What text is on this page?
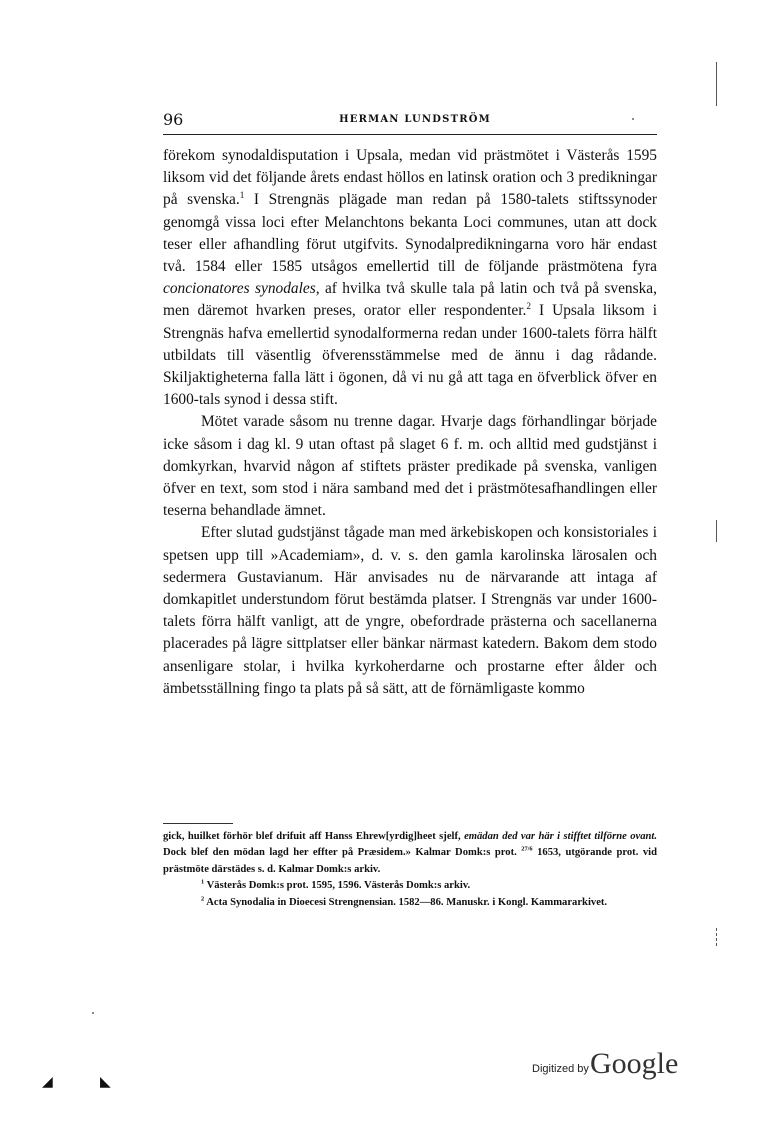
96	HERMAN LUNDSTRÖM

förekom synodaldisputation i Upsala, medan vid prästmötet i Västerås 1595 liksom vid det följande årets endast höllos en latinsk oration och 3 predikningar på svenska.$^1$ I Strengnäs plägade man redan på 1580-talets stiftssynoder genomgå vissa loci efter Melanchtons bekanta Loci communes, utan att dock teser eller afhandling förut utgifvits. Synodalpredikningarna voro här endast två. 1584 eller 1585 utsågos emellertid till de följande prästmötena fyra concionatores synodales, af hvilka två skulle tala på latin och två på svenska, men däremot hvarken preses, orator eller respondenter.$^2$ I Upsala liksom i Strengnäs hafva emellertid synodalformerna redan under 1600-talets förra hälft utbildats till väsentlig öfverensstämmelse med de ännu i dag rådande. Skiljaktigheterna falla lätt i ögonen, då vi nu gå att taga en öfverblick öfver en 1600-tals synod i dessa stift.

Mötet varade såsom nu trenne dagar. Hvarje dags förhandlingar började icke såsom i dag kl. 9 utan oftast på slaget 6 f. m. och alltid med gudstjänst i domkyrkan, hvarvid någon af stiftets präster predikade på svenska, vanligen öfver en text, som stod i nära samband med det i prästmötesafhandlingen eller teserna behandlade ämnet.

Efter slutad gudstjänst tågade man med ärkebiskopen och konsistoriales i spetsen upp till »Academiam», d. v. s. den gamla karolinska lärosalen och sedermera Gustavianum. Här anvisades nu de närvarande att intaga af domkapitlet understundom förut bestämda platser. I Strengnäs var under 1600-talets förra hälft vanligt, att de yngre, obefordrade prästerna och sacellanerna placerades på lägre sittplatser eller bänkar närmast katedern. Bakom dem stodo ansenligare stolar, i hvilka kyrkoherdarne och prostarne efter ålder och ämbetsställning fingo ta plats på så sätt, att de förnämligaste kommo

gick, huilket förhör blef drifuit aff Hanss Ehrew[yrdig]heet sjelf, emädan ded var här i stifftet tilförne ovant. Dock blef den mödan lagd her effter på Præsidem.» Kalmar Domk:s prot. $^{27/6}$ 1653, utgörande prot. vid prästmöte därstädes s. d. Kalmar Domk:s arkiv.

$^1$ Västerås Domk:s prot. 1595, 1596. Västerås Domk:s arkiv.

$^2$ Acta Synodalia in Dioecesi Strengnensian. 1582—86. Manuskr. i Kongl. Kammararkivet.

◢	◣
Digitized by Google
